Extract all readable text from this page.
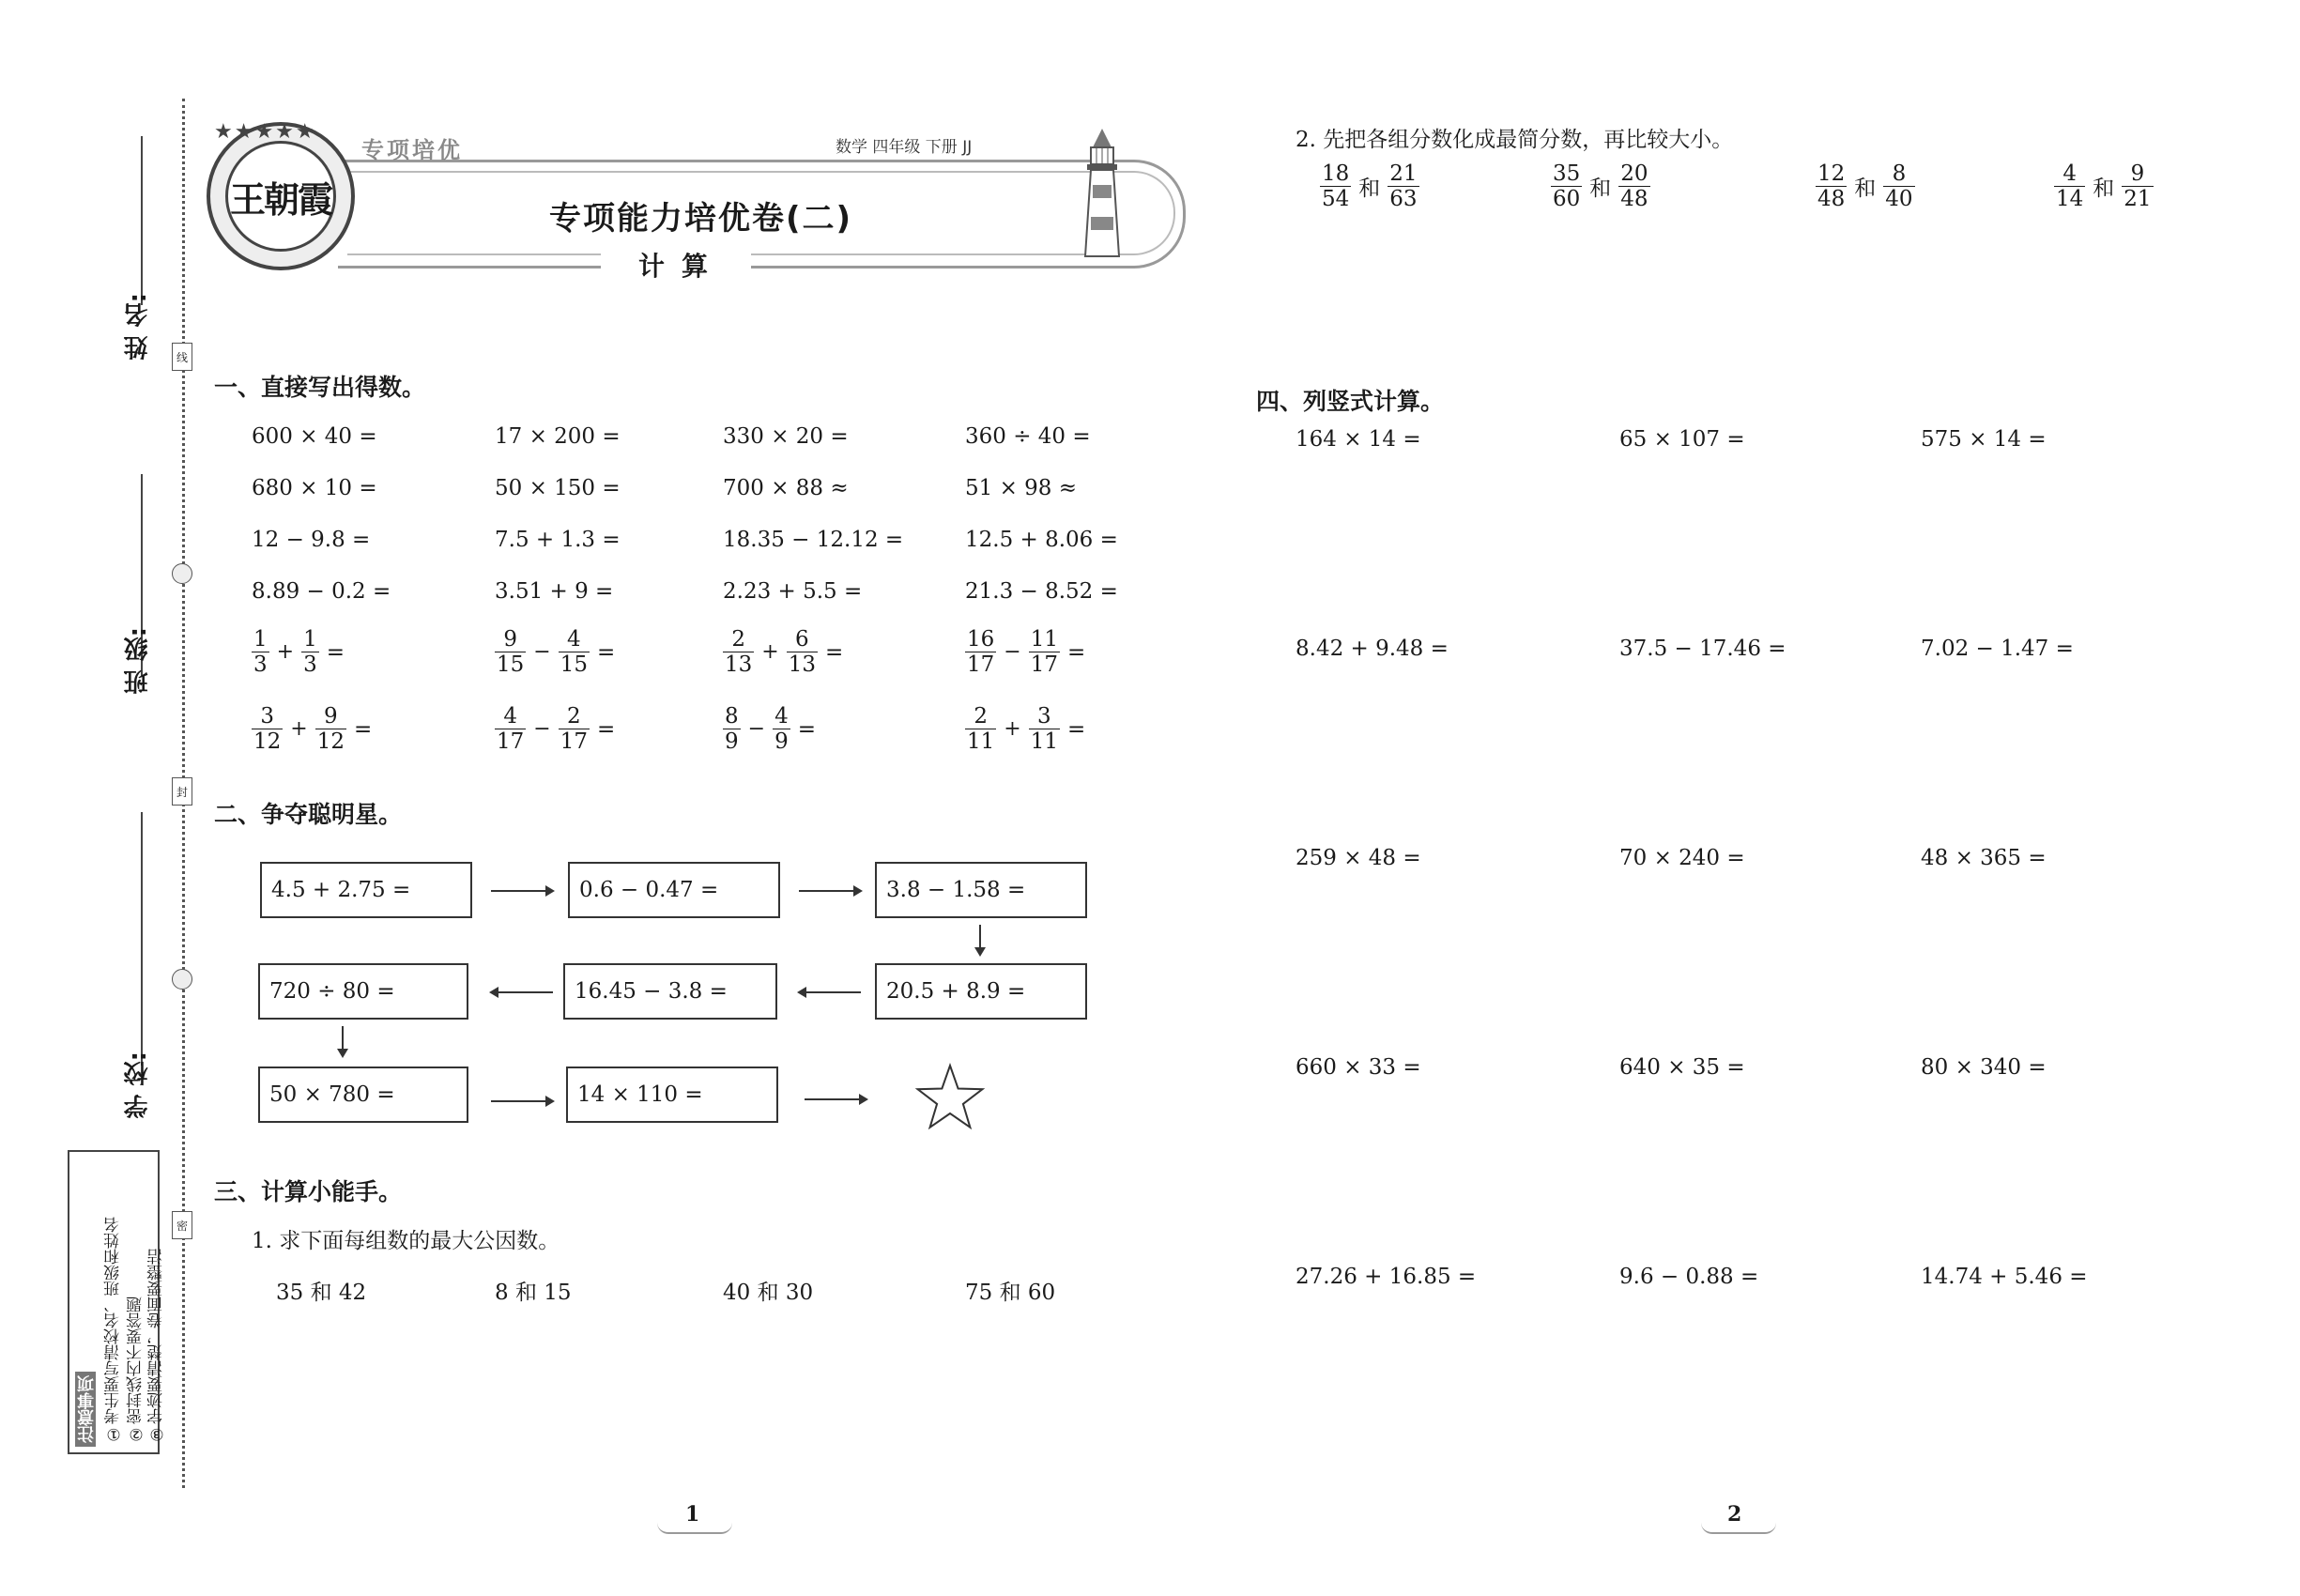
姓 名:
班 级:
学 校:
线
封
密
注意事项 ①考生要写清校名、班级和姓名 ②密封线内不要答题 ③字迹要清楚，卷面要整洁
王朝霞
★★★★★
专项培优	数学 四年级 下册 JJ
专项能力培优卷(二)
计算
一、直接写出得数。
600 × 40 =	17 × 200 =	330 × 20 =	360 ÷ 40 =
680 × 10 =	50 × 150 =	700 × 88 ≈	51 × 98 ≈
12 − 9.8 =	7.5 + 1.3 =	18.35 − 12.12 =	12.5 + 8.06 =
8.89 − 0.2 =	3.51 + 9 =	2.23 + 5.5 =	21.3 − 8.52 =
$\frac{1}{3} + \frac{1}{3}$ =	$\frac{9}{15} - \frac{4}{15}$ =	$\frac{2}{13} + \frac{6}{13}$ =	$\frac{16}{17} - \frac{11}{17}$ =
$\frac{3}{12} + \frac{9}{12}$ =	$\frac{4}{17} - \frac{2}{17}$ =	$\frac{8}{9} - \frac{4}{9}$ =	$\frac{2}{11} + \frac{3}{11}$ =
二、争夺聪明星。
4.5 + 2.75 =	0.6 − 0.47 =	3.8 − 1.58 =
20.5 + 8.9 =
16.45 − 3.8 =
720 ÷ 80 =
50 × 780 =	14 × 110 =
三、计算小能手。
1. 求下面每组数的最大公因数。
35 和 42	8 和 15	40 和 30	75 和 60
2. 先把各组分数化成最简分数，再比较大小。
$\frac{18}{54}$ 和 $\frac{21}{63}$	$\frac{35}{60}$ 和 $\frac{20}{48}$	$\frac{12}{48}$ 和 $\frac{8}{40}$	$\frac{4}{14}$ 和 $\frac{9}{21}$
四、列竖式计算。
164 × 14 =	65 × 107 =	575 × 14 =
8.42 + 9.48 =	37.5 − 17.46 =	7.02 − 1.47 =
259 × 48 =	70 × 240 =	48 × 365 =
660 × 33 =	640 × 35 =	80 × 340 =
27.26 + 16.85 =	9.6 − 0.88 =	14.74 + 5.46 =
1	2
